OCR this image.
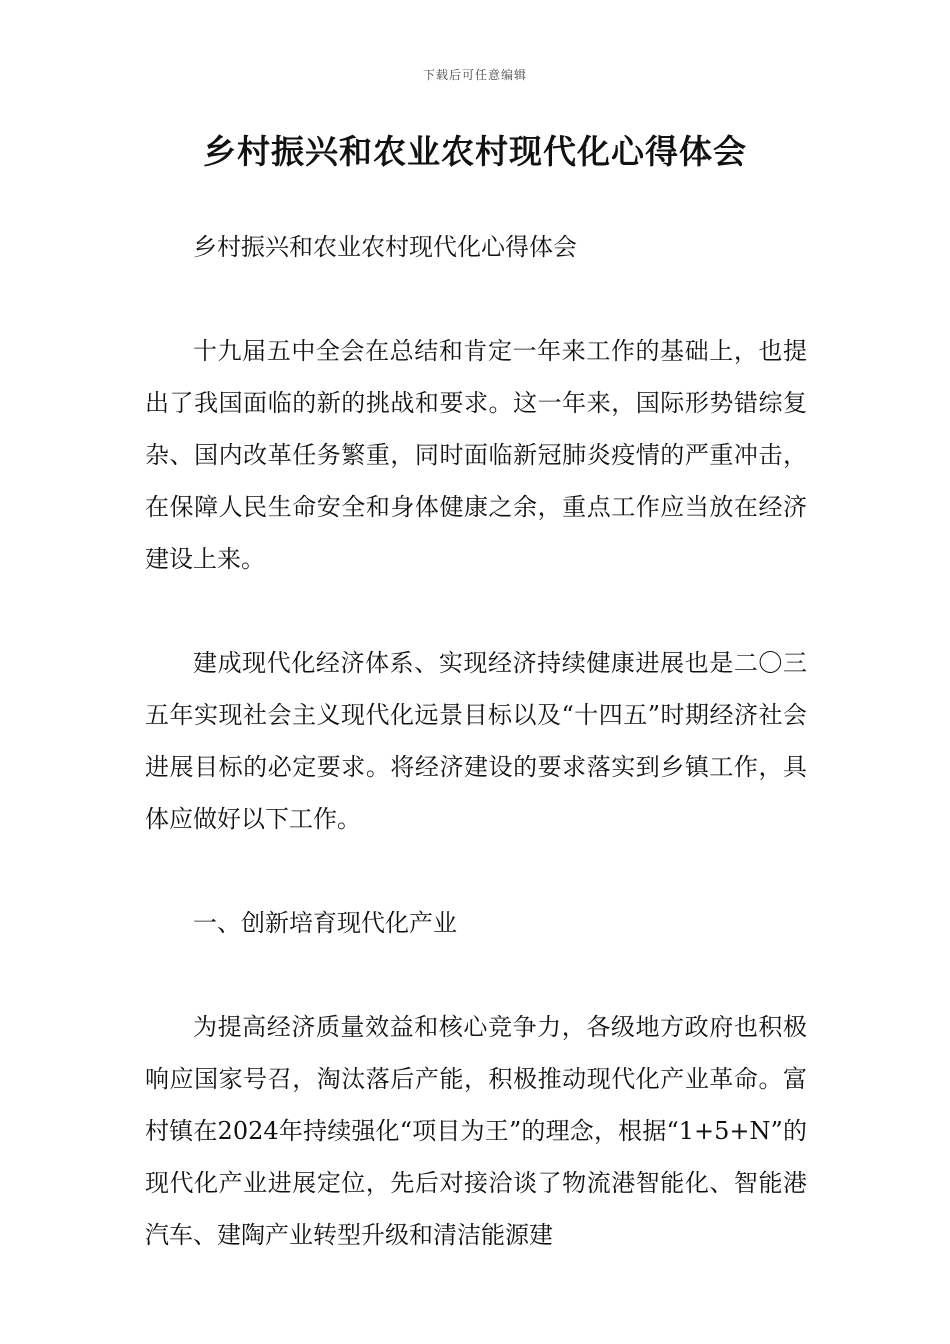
下载后可任意编辑
乡村振兴和农业农村现代化心得体会

乡村振兴和农业农村现代化心得体会

十九届五中全会在总结和肯定一年来工作的基础上，也提出了我国面临的新的挑战和要求。这一年来，国际形势错综复杂、国内改革任务繁重，同时面临新冠肺炎疫情的严重冲击，在保障人民生命安全和身体健康之余，重点工作应当放在经济建设上来。

建成现代化经济体系、实现经济持续健康进展也是二〇三五年实现社会主义现代化远景目标以及“十四五”时期经济社会进展目标的必定要求。将经济建设的要求落实到乡镇工作，具体应做好以下工作。

一、创新培育现代化产业

为提高经济质量效益和核心竞争力，各级地方政府也积极响应国家号召，淘汰落后产能，积极推动现代化产业革命。富村镇在2024年持续强化“项目为王”的理念，根据“1+5+N”的现代化产业进展定位，先后对接洽谈了物流港智能化、智能港汽车、建陶产业转型升级和清洁能源建
